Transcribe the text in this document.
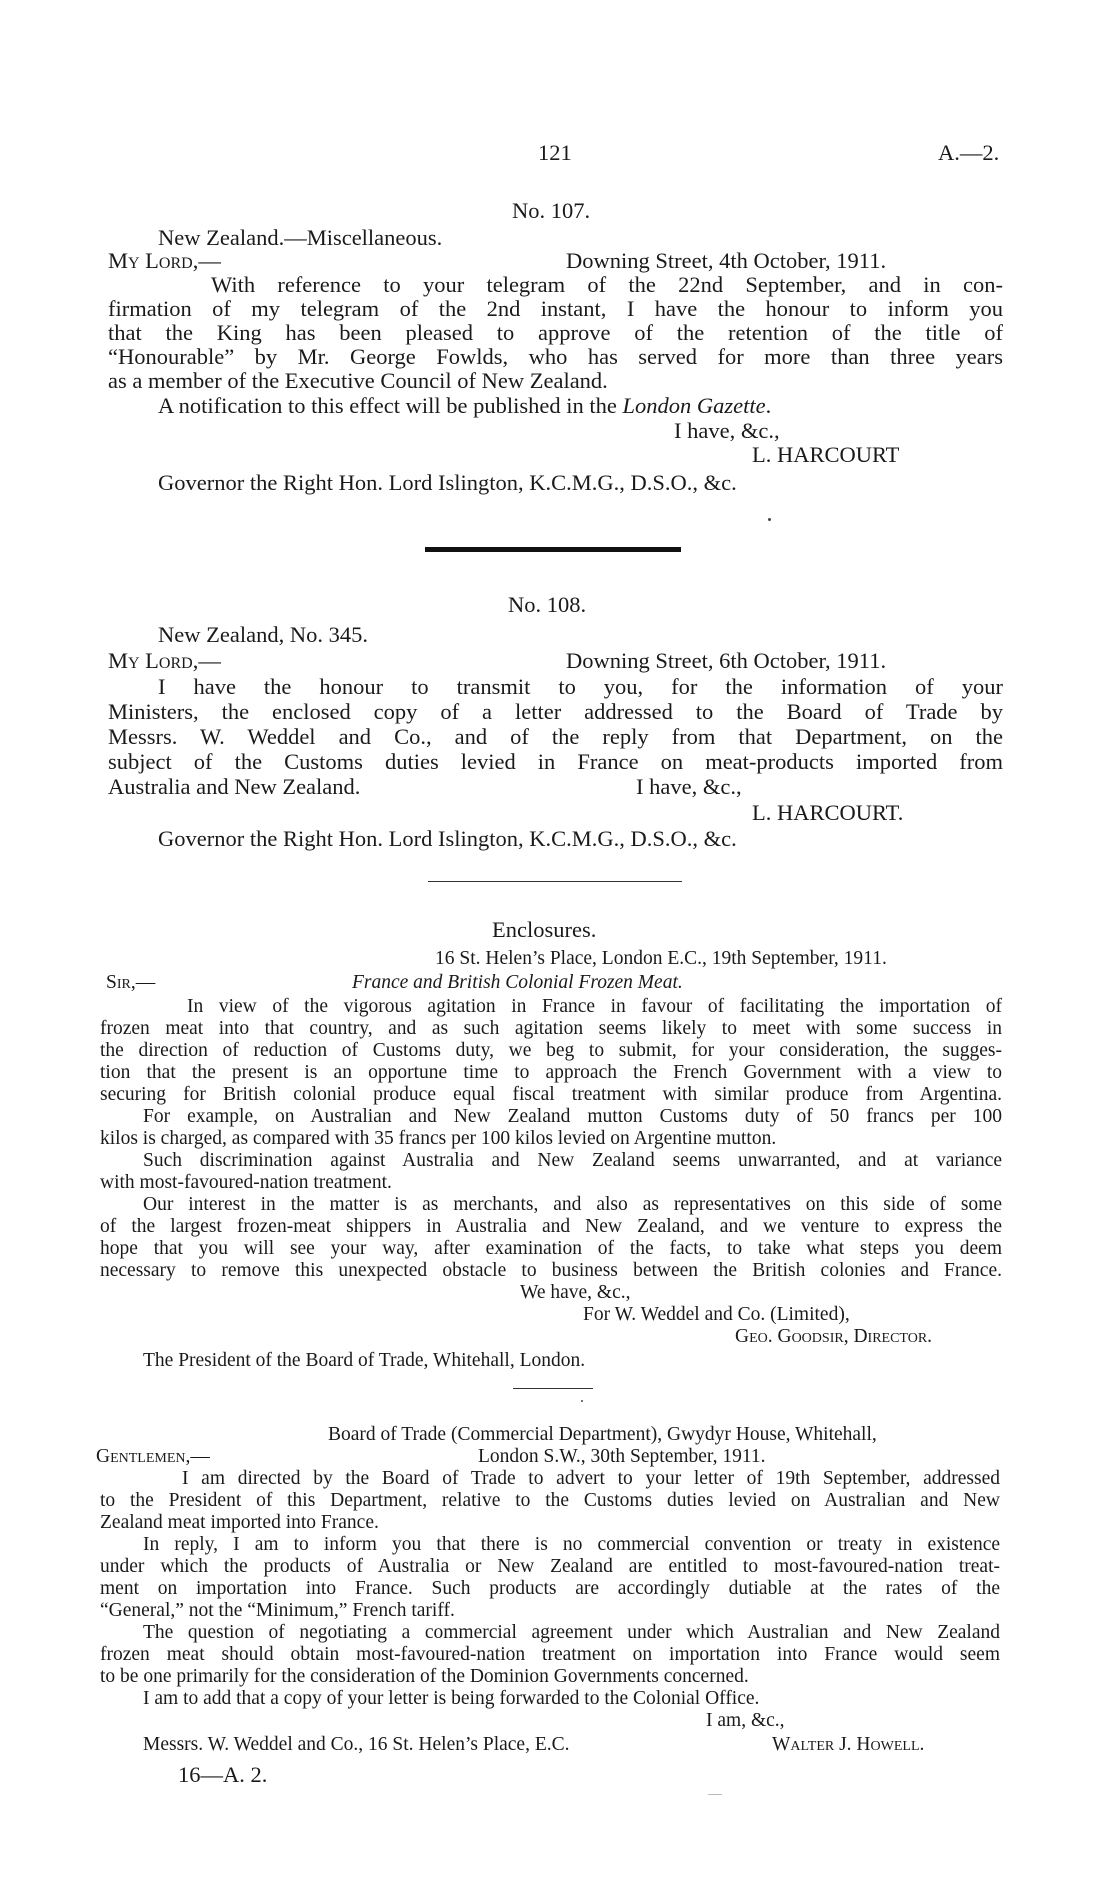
121	A.—2.
No. 107.
New Zealand.—Miscellaneous.
My Lord,—	Downing Street, 4th October, 1911.
With reference to your telegram of the 22nd September, and in con-
firmation of my telegram of the 2nd instant, I have the honour to inform you
that the King has been pleased to approve of the retention of the title of
“Honourable” by Mr. George Fowlds, who has served for more than three years
as a member of the Executive Council of New Zealand.
A notification to this effect will be published in the London Gazette.
I have, &c.,
L. HARCOURT
Governor the Right Hon. Lord Islington, K.C.M.G., D.S.O., &c.
No. 108.
New Zealand, No. 345.
My Lord,—	Downing Street, 6th October, 1911.
I have the honour to transmit to you, for the information of your
Ministers, the enclosed copy of a letter addressed to the Board of Trade by
Messrs. W. Weddel and Co., and of the reply from that Department, on the
subject of the Customs duties levied in France on meat-products imported from
Australia and New Zealand.	I have, &c.,
L. HARCOURT.
Governor the Right Hon. Lord Islington, K.C.M.G., D.S.O., &c.
Enclosures.
Sir,—
16 St. Helen’s Place, London E.C., 19th September, 1911.
France and British Colonial Frozen Meat.
In view of the vigorous agitation in France in favour of facilitating the importation of
frozen meat into that country, and as such agitation seems likely to meet with some success in
the direction of reduction of Customs duty, we beg to submit, for your consideration, the sugges-
tion that the present is an opportune time to approach the French Government with a view to
securing for British colonial produce equal fiscal treatment with similar produce from Argentina.
For example, on Australian and New Zealand mutton Customs duty of 50 francs per 100
kilos is charged, as compared with 35 francs per 100 kilos levied on Argentine mutton.
Such discrimination against Australia and New Zealand seems unwarranted, and at variance
with most-favoured-nation treatment.
Our interest in the matter is as merchants, and also as representatives on this side of some
of the largest frozen-meat shippers in Australia and New Zealand, and we venture to express the
hope that you will see your way, after examination of the facts, to take what steps you deem
necessary to remove this unexpected obstacle to business between the British colonies and France.
We have, &c.,
For W. Weddel and Co. (Limited),
Geo. Goodsir, Director.
The President of the Board of Trade, Whitehall, London.
Board of Trade (Commercial Department), Gwydyr House, Whitehall,
Gentlemen,—	London S.W., 30th September, 1911.
I am directed by the Board of Trade to advert to your letter of 19th September, addressed
to the President of this Department, relative to the Customs duties levied on Australian and New
Zealand meat imported into France.
In reply, I am to inform you that there is no commercial convention or treaty in existence
under which the products of Australia or New Zealand are entitled to most-favoured-nation treat-
ment on importation into France. Such products are accordingly dutiable at the rates of the
“General,” not the “Minimum,” French tariff.
The question of negotiating a commercial agreement under which Australian and New Zealand
frozen meat should obtain most-favoured-nation treatment on importation into France would seem
to be one primarily for the consideration of the Dominion Governments concerned.
I am to add that a copy of your letter is being forwarded to the Colonial Office.
I am, &c.,
Messrs. W. Weddel and Co., 16 St. Helen’s Place, E.C.	Walter J. Howell.
16—A. 2.
